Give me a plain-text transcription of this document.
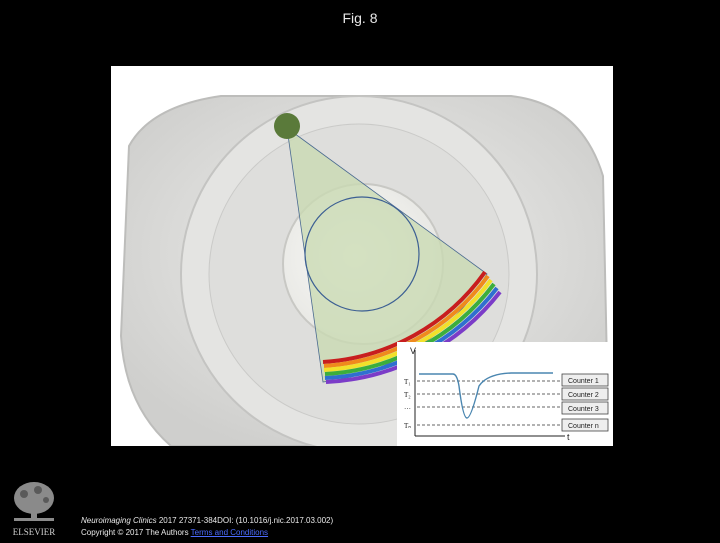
Fig. 8
V
t
T₁
T₂
…
Tₙ
Counter 1
Counter 2
Counter 3
Counter n
ELSEVIER
Neuroimaging Clinics 2017 27371-384DOI: (10.1016/j.nic.2017.03.002)
Copyright © 2017 The Authors Terms and Conditions
